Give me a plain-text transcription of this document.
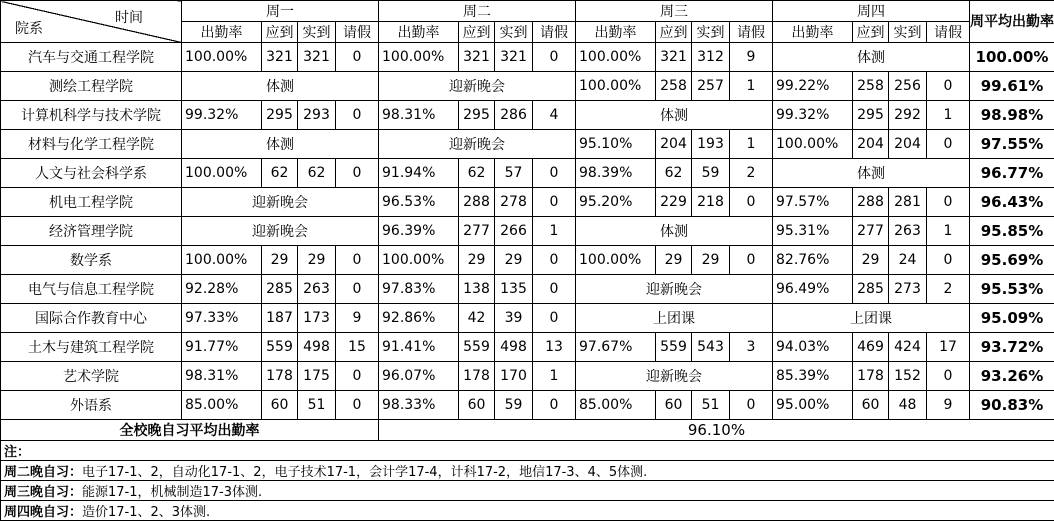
院系
时间	周一				周二				周三				周四				周平均出勤率
	出勤率	应到	实到	请假	出勤率	应到	实到	请假	出勤率	应到	实到	请假	出勤率	应到	实到	请假	
汽车与交通工程学院	100.00%	321	321	0	100.00%	321	321	0	100.00%	321	312	9	体测				100.00%
测绘工程学院	体测				迎新晚会				100.00%	258	257	1	99.22%	258	256	0	99.61%
计算机科学与技术学院	99.32%	295	293	0	98.31%	295	286	4	体测				99.32%	295	292	1	98.98%
材料与化学工程学院	体测				迎新晚会				95.10%	204	193	1	100.00%	204	204	0	97.55%
人文与社会科学系	100.00%	62	62	0	91.94%	62	57	0	98.39%	62	59	2	体测				96.77%
机电工程学院	迎新晚会				96.53%	288	278	0	95.20%	229	218	0	97.57%	288	281	0	96.43%
经济管理学院	迎新晚会				96.39%	277	266	1	体测				95.31%	277	263	1	95.85%
数学系	100.00%	29	29	0	100.00%	29	29	0	100.00%	29	29	0	82.76%	29	24	0	95.69%
电气与信息工程学院	92.28%	285	263	0	97.83%	138	135	0	迎新晚会				96.49%	285	273	2	95.53%
国际合作教育中心	97.33%	187	173	9	92.86%	42	39	0	上团课				上团课				95.09%
土木与建筑工程学院	91.77%	559	498	15	91.41%	559	498	13	97.67%	559	543	3	94.03%	469	424	17	93.72%
艺术学院	98.31%	178	175	0	96.07%	178	170	1	迎新晚会				85.39%	178	152	0	93.26%
外语系	85.00%	60	51	0	98.33%	60	59	0	85.00%	60	51	0	95.00%	60	48	9	90.83%
全校晚自习平均出勤率					96.10%												
注：																	
周二晚自习：电子17-1、2，自动化17-1、2，电子技术17-1，会计学17-4，计科17-2，地信17-3、4、5体测.																	
周三晚自习：能源17-1，机械制造17-3体测.																	
周四晚自习：造价17-1、2、3体测.																	
